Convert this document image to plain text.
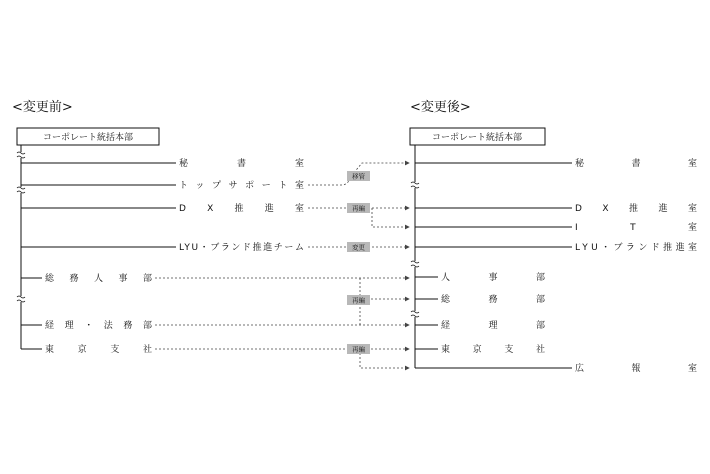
<変更前>	<変更後>
コーポレート統括本部	コーポレート統括本部
秘書室
トップサポート室
DX推進室
LYU・ブランド推進チーム
総務人事部
経理・法務部
東京支社
秘書室
DX推進室
IT室
LYU・ブランド推進室
人事部
総務部
経理部
東京支社
広報室
移管
再編
変更
再編
再編
